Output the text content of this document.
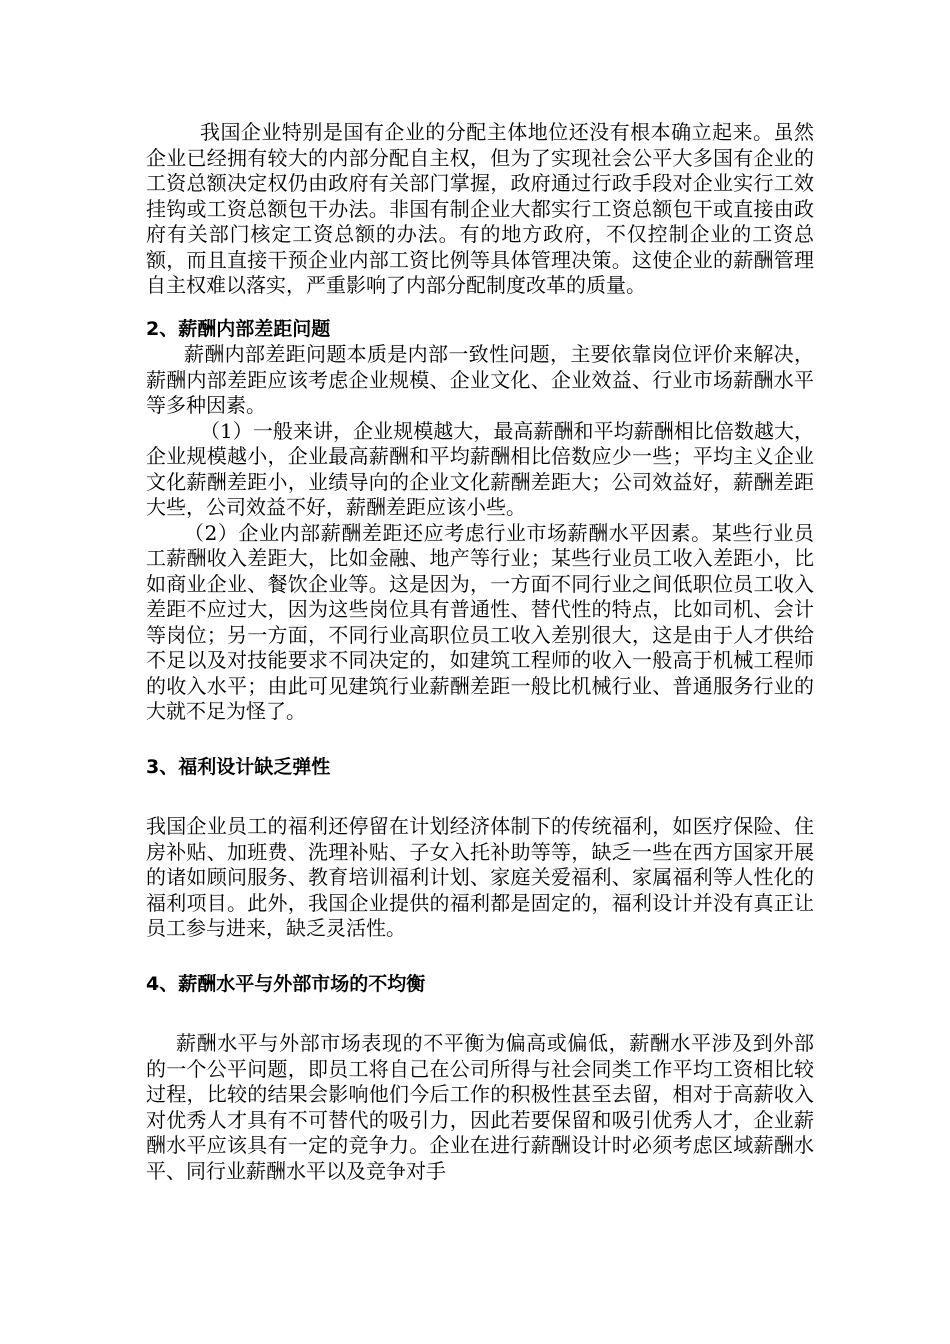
我国企业特别是国有企业的分配主体地位还没有根本确立起来。虽然企业已经拥有较大的内部分配自主权，但为了实现社会公平大多国有企业的工资总额决定权仍由政府有关部门掌握，政府通过行政手段对企业实行工效挂钩或工资总额包干办法。非国有制企业大都实行工资总额包干或直接由政府有关部门核定工资总额的办法。有的地方政府，不仅控制企业的工资总额，而且直接干预企业内部工资比例等具体管理决策。这使企业的薪酬管理自主权难以落实，严重影响了内部分配制度改革的质量。

2、薪酬内部差距问题

薪酬内部差距问题本质是内部一致性问题，主要依靠岗位评价来解决，薪酬内部差距应该考虑企业规模、企业文化、企业效益、行业市场薪酬水平等多种因素。

（1）一般来讲，企业规模越大，最高薪酬和平均薪酬相比倍数越大，企业规模越小，企业最高薪酬和平均薪酬相比倍数应少一些；平均主义企业文化薪酬差距小，业绩导向的企业文化薪酬差距大；公司效益好，薪酬差距大些，公司效益不好，薪酬差距应该小些。

（2）企业内部薪酬差距还应考虑行业市场薪酬水平因素。某些行业员工薪酬收入差距大，比如金融、地产等行业；某些行业员工收入差距小，比如商业企业、餐饮企业等。这是因为，一方面不同行业之间低职位员工收入差距不应过大，因为这些岗位具有普通性、替代性的特点，比如司机、会计等岗位；另一方面，不同行业高职位员工收入差别很大，这是由于人才供给不足以及对技能要求不同决定的，如建筑工程师的收入一般高于机械工程师的收入水平；由此可见建筑行业薪酬差距一般比机械行业、普通服务行业的大就不足为怪了。

3、福利设计缺乏弹性

我国企业员工的福利还停留在计划经济体制下的传统福利，如医疗保险、住房补贴、加班费、洗理补贴、子女入托补助等等，缺乏一些在西方国家开展的诸如顾问服务、教育培训福利计划、家庭关爱福利、家属福利等人性化的福利项目。此外，我国企业提供的福利都是固定的，福利设计并没有真正让员工参与进来，缺乏灵活性。

4、薪酬水平与外部市场的不均衡

薪酬水平与外部市场表现的不平衡为偏高或偏低，薪酬水平涉及到外部的一个公平问题，即员工将自己在公司所得与社会同类工作平均工资相比较过程，比较的结果会影响他们今后工作的积极性甚至去留，相对于高薪收入对优秀人才具有不可替代的吸引力，因此若要保留和吸引优秀人才，企业薪酬水平应该具有一定的竞争力。企业在进行薪酬设计时必须考虑区域薪酬水平、同行业薪酬水平以及竞争对手
